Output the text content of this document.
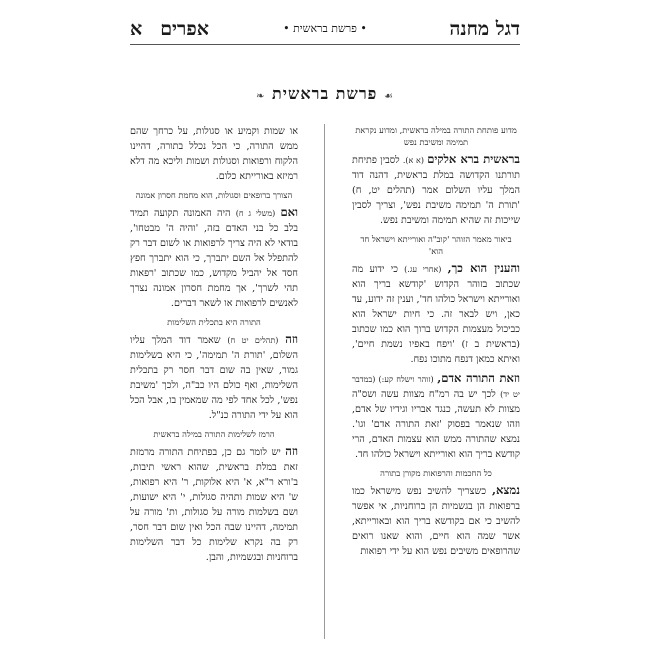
דגל מחנה
• פרשת בראשית •
אפריםא
☙ פרשת בראשית ❧
מדוע פותחת התורה במילה בראשית, ומדוע נקראת תמימה ומשיבת נפש

בראשית ברא אלקים (א א). לסבין פתיחת תורתנו הקדושה במלת בראשית, דהנה דוד המלך עליו השלום אמר (תהלים יט, ח) 'תורת ה' תמימה משיבת נפש', וצריך לסבין שייכות זה שהיא תמימה ומשיבת נפש.

ביאור מאמר הזוהר 'קוב"ה ואורייתא וישראל חד הוא'

והענין הוא כך, (אחרי עג.) כי ידוע מה שכתוב בזוהר הקדוש 'קודשא בריך הוא ואורייתא וישראל כולהו חד', וענין זה ידוע, עד כאן, ויש לבאר זה. כי חיות ישראל הוא כביכול מעצמות הקדוש ברוך הוא כמו שכתוב (בראשית ב ז) 'ויפח באפיו נשמת חיים', ואיתא כמאן דנפח מתוכו נפח.

וזאת התורה אדם, (זוהר וישלח קע:) (במדבר יט יד) לכך יש בה רמ"ח מצוות עשה ושס"ה מצוות לא תעשה, כנגד אבריו וגידיו של אדם, וזהו שנאמר בפסוק 'זאת התורה אדם' וגו'. נמצא שהתורה ממש הוא עצמות האדם, הרי קודשא בריך הוא ואורייתא וישראל כולהו חד.

כל החכמות והרפואות מקורן בתורה

נמצא, כשצריך להשיב נפש מישראל כמו ברפואות הן בגשמיות הן ברוחניות, אי אפשר להשיב כי אם בקודשא בריך הוא ובאורייתא, אשר שמה הוא חיים, והוא שאנו רואים שהרופאים משיבים נפש הוא על ידי רפואות

או שמות וקמיע או סגולות, על כרחך שהם ממש התורה, כי הכל נכלל בתורה, דהיינו הלקוח ורפואות וסגולות ושמות וליכא מה דלא רמיזא באורייתא כלום.

הצורך ברופאים וסגולות, הוא מחמת חסרון אמונה

ואם (משלי ג ח) היה האמונה תקועה תמיד בלב כל בני האדם בזה, 'והיה ה' מבטחו', בודאי לא היה צריך לרפואות או לשום דבר רק להתפלל אל השם יתברך, כי הוא יתברך חפץ חסד אל יהביל מקדוש, כמו שכתוב 'רפאות תהי לשרך', אך מחמת חסרון אמונה נצרך לאנשים לרפואות או לשאר דברים.

התורה היא בתכלית השלימות

וזה (תהלים יט ח) שאמר דוד המלך עליו השלום, 'תורת ה' תמימה', כי היא בשלימות גמור, שאין בה שום דבר חסר רק בתכלית השלימות, ואף כולם היו כב"ה, ולכך 'משיבת נפש', לכל אחד לפי מה שמאמין בו, אבל הכל הוא על ידי התורה כנ"ל.

הרמז לשלימות התורה במילה בראשית

וזה יש לומר גם כן, בפתיחת התורה מרמזת זאת במלת בראשית, שהוא ראשי תיבות, ב'ורא ר"א, א' היא אלוקות, ר' היא רפואות, ש' היא שמות ותהיה סגולות, י' היא ישועות, ושם בשלמות מורה על סגולות, ות' מורה על תמימה, דהיינו שבה הכל ואין שום דבר חסר, רק בה נקרא שלימות כל דבר השלימות ברוחניות ובגשמיות, והבן.
